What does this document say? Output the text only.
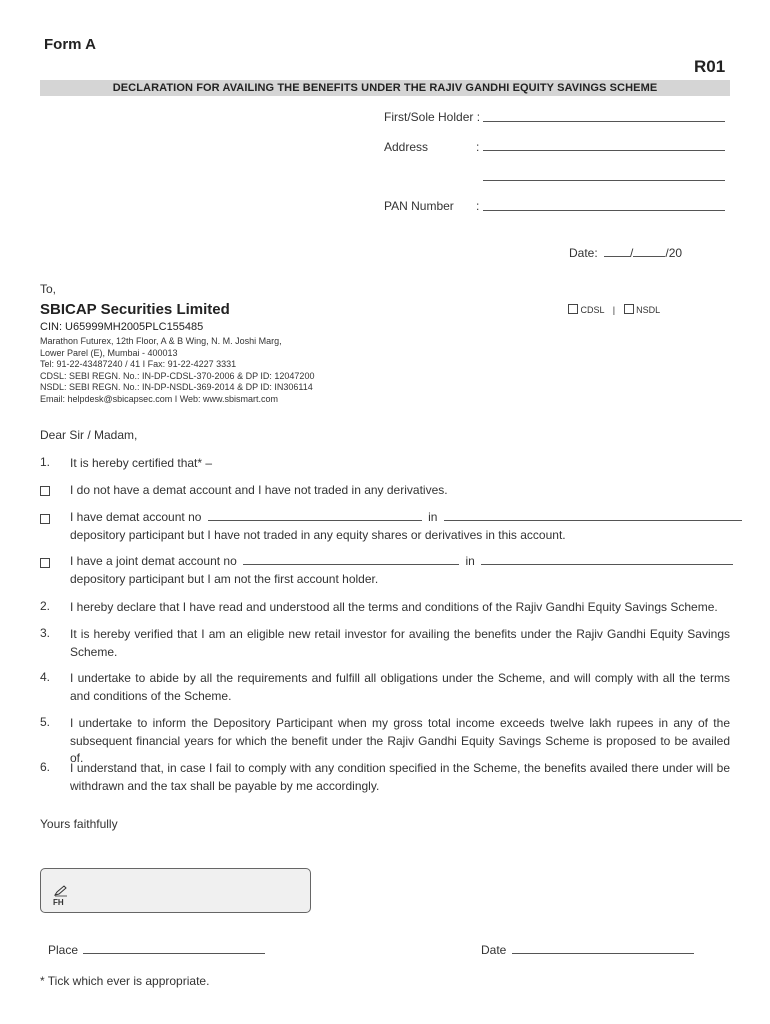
Form A
R01
DECLARATION FOR AVAILING THE BENEFITS UNDER THE RAJIV GANDHI EQUITY SAVINGS SCHEME
First/Sole Holder :
Address	:
PAN Number :
Date:	/	/20
To,
SBICAP Securities Limited
CIN: U65999MH2005PLC155485
Marathon Futurex, 12th Floor, A & B Wing, N. M. Joshi Marg,
Lower Parel (E), Mumbai - 400013
Tel: 91-22-43487240 / 41 I Fax: 91-22-4227 3331
CDSL: SEBI REGN. No.: IN-DP-CDSL-370-2006 & DP ID: 12047200
NSDL: SEBI REGN. No.: IN-DP-NSDL-369-2014 & DP ID: IN306114
Email: helpdesk@sbicapsec.com I Web: www.sbismart.com
CDSL | NSDL
Dear Sir / Madam,
1. It is hereby certified that* –
I do not have a demat account and I have not traded in any derivatives.
I have demat account no	in
depository participant but I have not traded in any equity shares or derivatives in this account.
I have a joint demat account no	in
depository participant but I am not the first account holder.
2. I hereby declare that I have read and understood all the terms and conditions of the Rajiv Gandhi Equity Savings Scheme.
3. It is hereby verified that I am an eligible new retail investor for availing the benefits under the Rajiv Gandhi Equity Savings Scheme.
4. I undertake to abide by all the requirements and fulfill all obligations under the Scheme, and will comply with all the terms and conditions of the Scheme.
5. I undertake to inform the Depository Participant when my gross total income exceeds twelve lakh rupees in any of the subsequent financial years for which the benefit under the Rajiv Gandhi Equity Savings Scheme is proposed to be availed of.
6. I understand that, in case I fail to comply with any condition specified in the Scheme, the benefits availed there under will be withdrawn and the tax shall be payable by me accordingly.
Yours faithfully
FH
Place	Date
* Tick which ever is appropriate.
